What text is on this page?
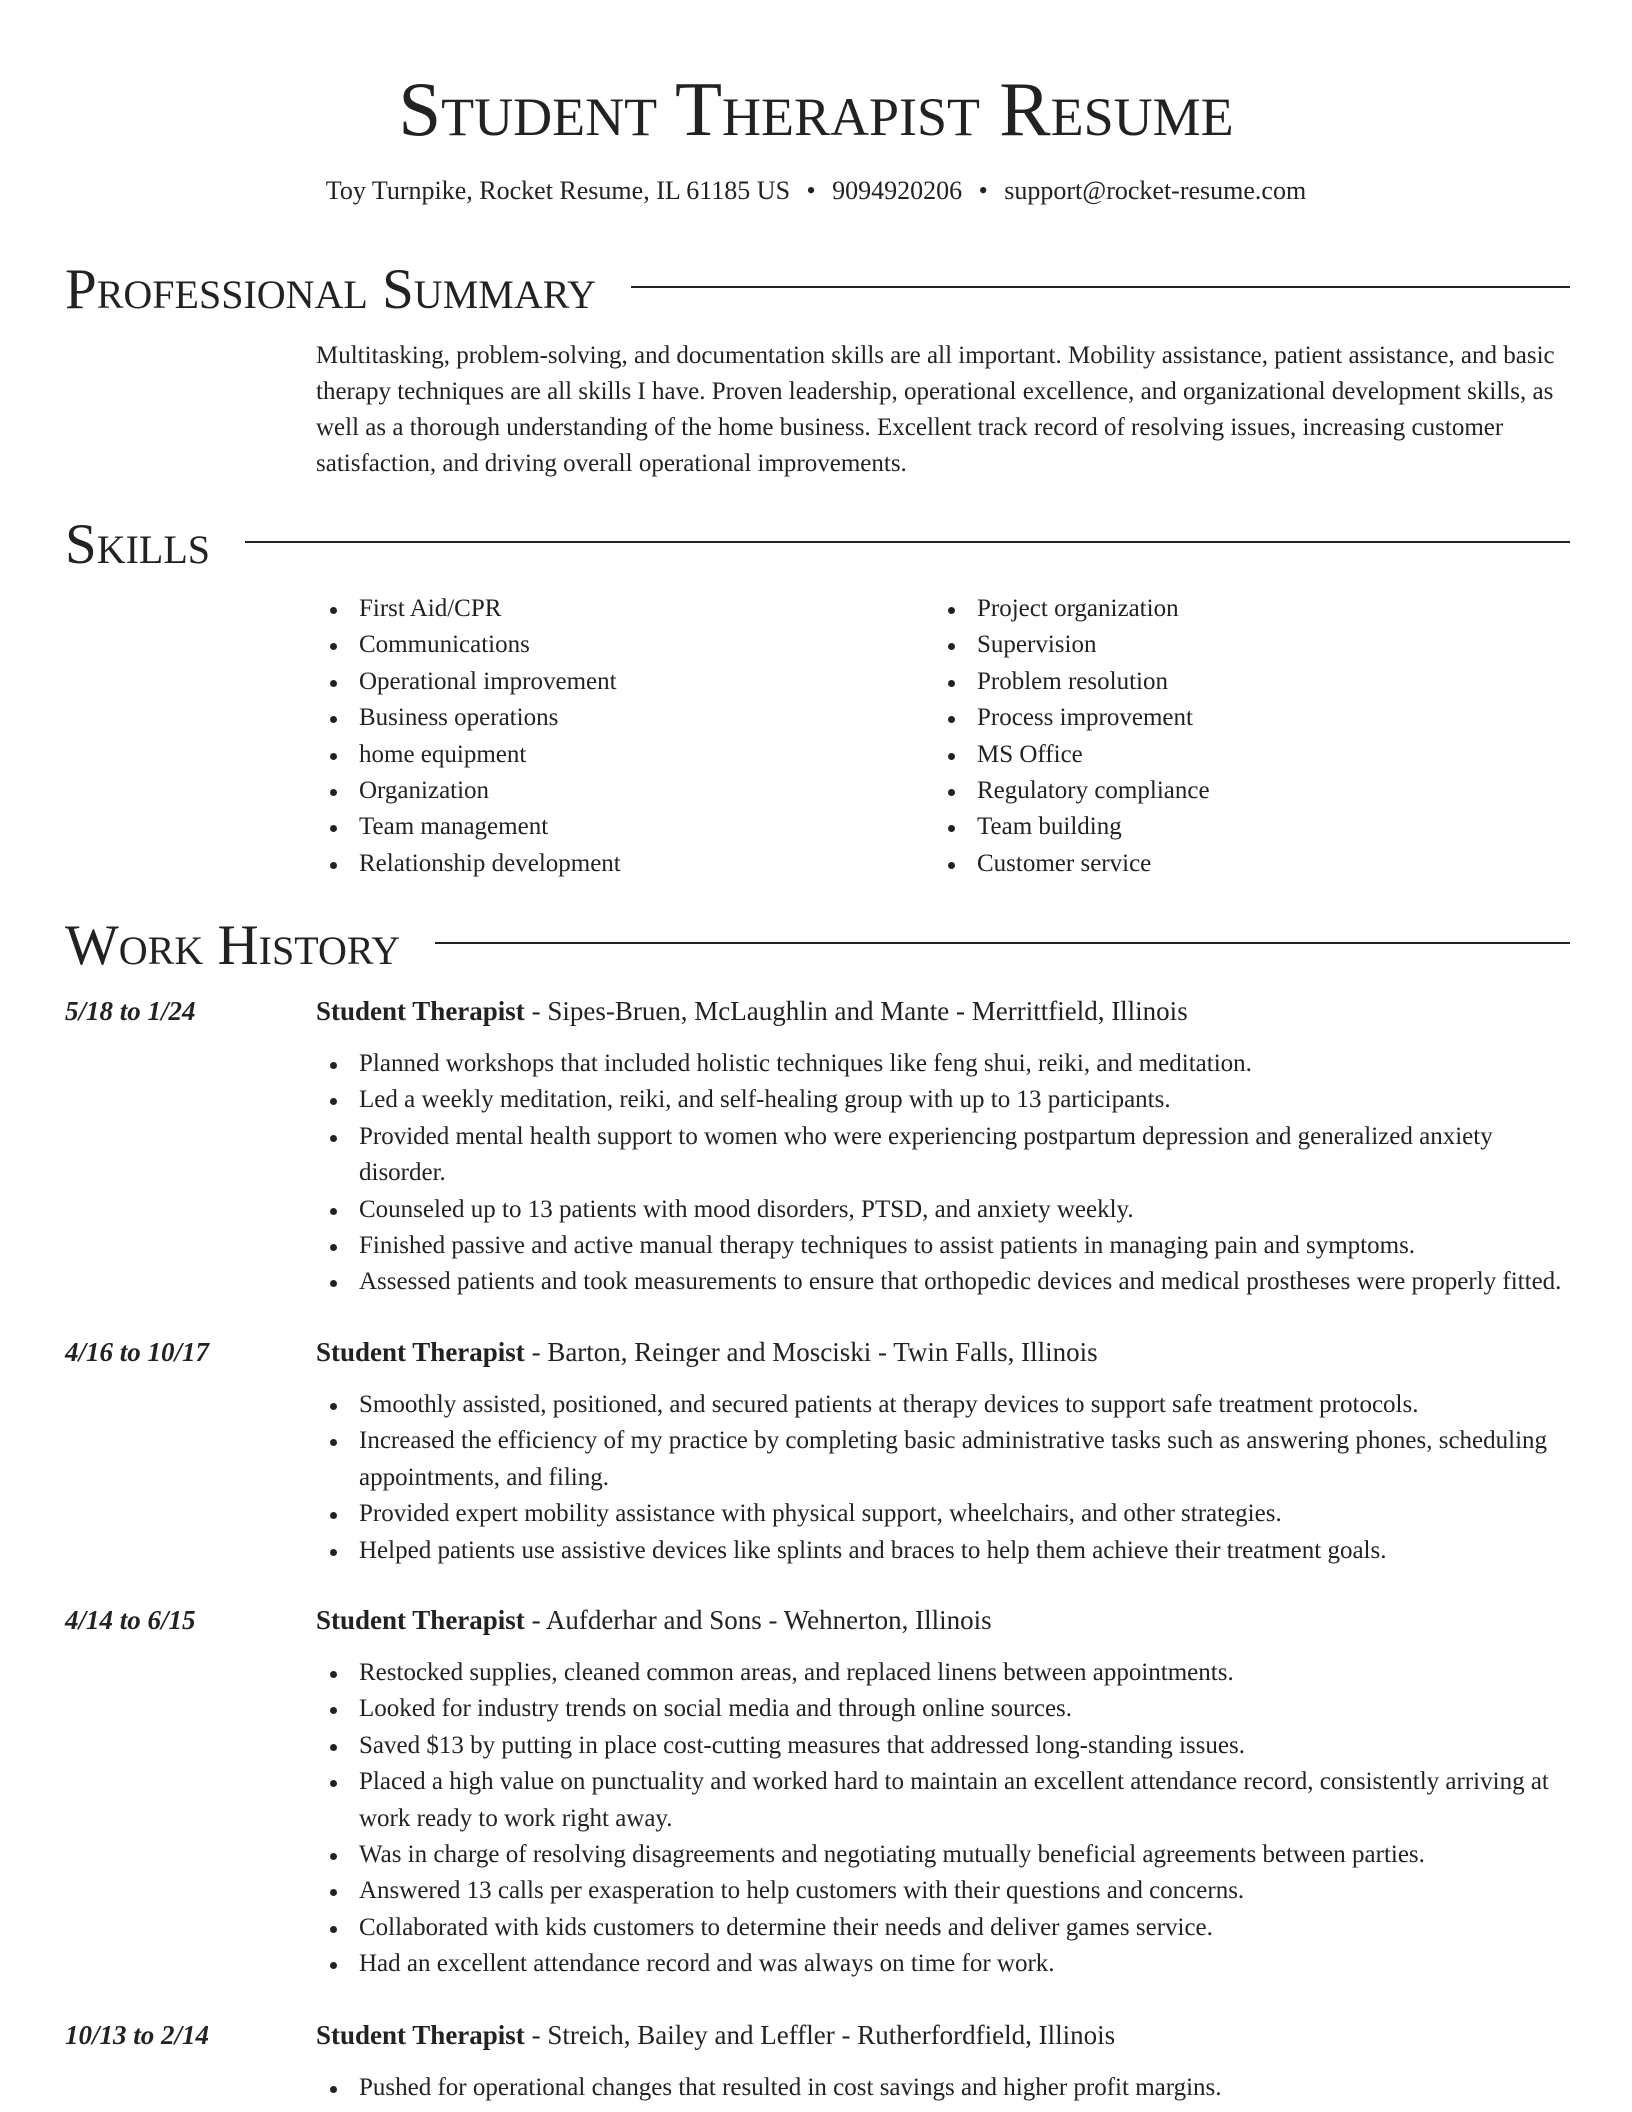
Student Therapist Resume
Toy Turnpike, Rocket Resume, IL 61185 US • 9094920206 • support@rocket-resume.com
Professional Summary

Multitasking, problem-solving, and documentation skills are all important. Mobility assistance, patient assistance, and basic therapy techniques are all skills I have. Proven leadership, operational excellence, and organizational development skills, as well as a thorough understanding of the home business. Excellent track record of resolving issues, increasing customer satisfaction, and driving overall operational improvements.

Skills
First Aid/CPR
Communications
Operational improvement
Business operations
home equipment
Organization
Team management
Relationship development
Project organization
Supervision
Problem resolution
Process improvement
MS Office
Regulatory compliance
Team building
Customer service
Work History
5/18 to 1/24	Student Therapist - Sipes-Bruen, McLaughlin and Mante - Merrittfield, Illinois
Planned workshops that included holistic techniques like feng shui, reiki, and meditation.
Led a weekly meditation, reiki, and self-healing group with up to 13 participants.
Provided mental health support to women who were experiencing postpartum depression and generalized anxiety disorder.
Counseled up to 13 patients with mood disorders, PTSD, and anxiety weekly.
Finished passive and active manual therapy techniques to assist patients in managing pain and symptoms.
Assessed patients and took measurements to ensure that orthopedic devices and medical prostheses were properly fitted.
4/16 to 10/17	Student Therapist - Barton, Reinger and Mosciski - Twin Falls, Illinois
Smoothly assisted, positioned, and secured patients at therapy devices to support safe treatment protocols.
Increased the efficiency of my practice by completing basic administrative tasks such as answering phones, scheduling appointments, and filing.
Provided expert mobility assistance with physical support, wheelchairs, and other strategies.
Helped patients use assistive devices like splints and braces to help them achieve their treatment goals.
4/14 to 6/15	Student Therapist - Aufderhar and Sons - Wehnerton, Illinois
Restocked supplies, cleaned common areas, and replaced linens between appointments.
Looked for industry trends on social media and through online sources.
Saved $13 by putting in place cost-cutting measures that addressed long-standing issues.
Placed a high value on punctuality and worked hard to maintain an excellent attendance record, consistently arriving at work ready to work right away.
Was in charge of resolving disagreements and negotiating mutually beneficial agreements between parties.
Answered 13 calls per exasperation to help customers with their questions and concerns.
Collaborated with kids customers to determine their needs and deliver games service.
Had an excellent attendance record and was always on time for work.
10/13 to 2/14	Student Therapist - Streich, Bailey and Leffler - Rutherfordfield, Illinois
Pushed for operational changes that resulted in cost savings and higher profit margins.
